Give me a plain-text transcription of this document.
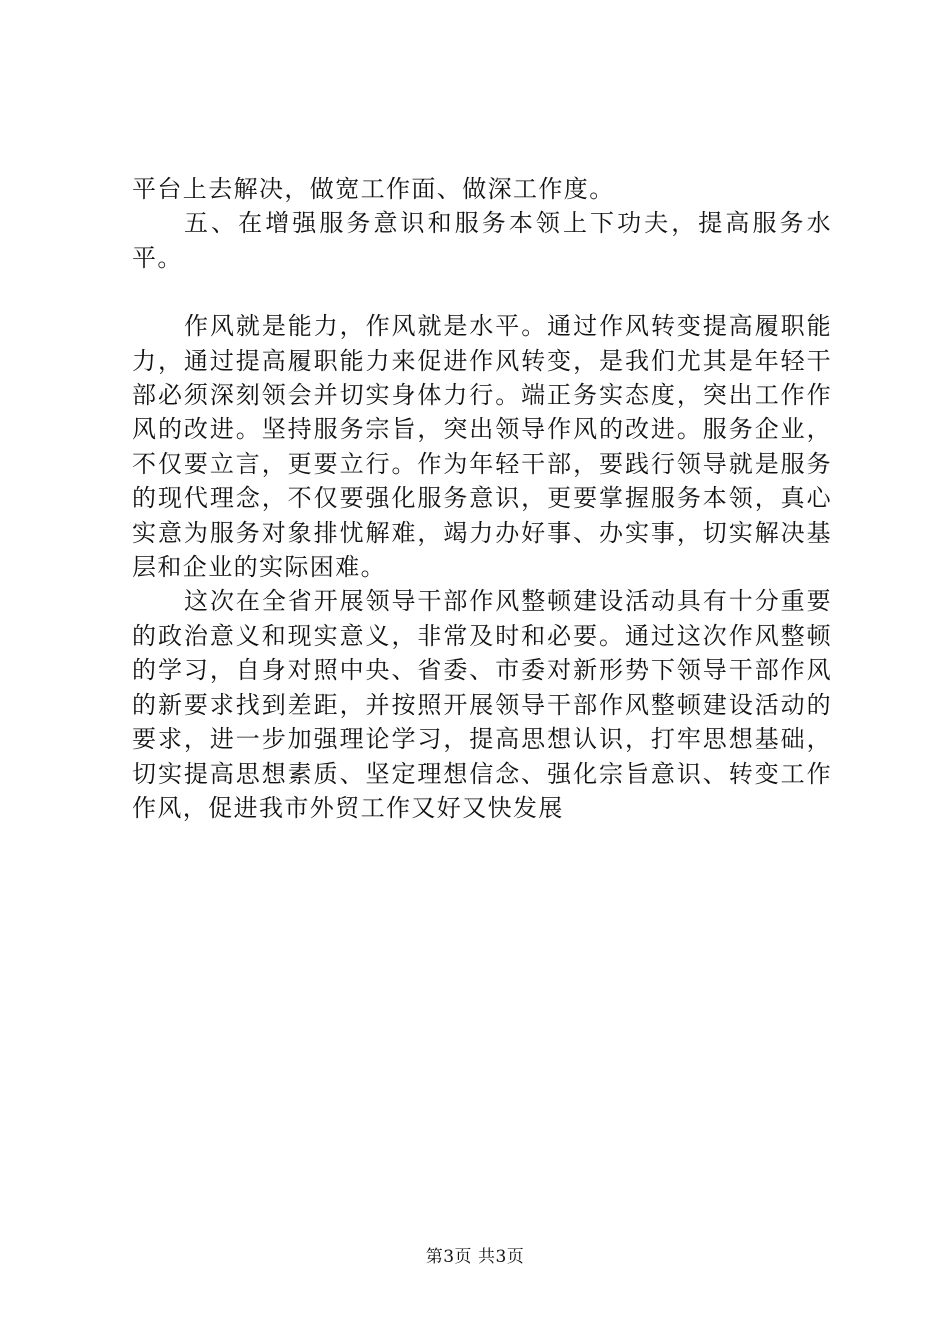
平台上去解决，做宽工作面、做深工作度。

五、在增强服务意识和服务本领上下功夫，提高服务水平。

作风就是能力，作风就是水平。通过作风转变提高履职能力，通过提高履职能力来促进作风转变，是我们尤其是年轻干部必须深刻领会并切实身体力行。端正务实态度，突出工作作风的改进。坚持服务宗旨，突出领导作风的改进。服务企业，不仅要立言，更要立行。作为年轻干部，要践行领导就是服务的现代理念，不仅要强化服务意识，更要掌握服务本领，真心实意为服务对象排忧解难，竭力办好事、办实事，切实解决基层和企业的实际困难。

这次在全省开展领导干部作风整顿建设活动具有十分重要的政治意义和现实意义，非常及时和必要。通过这次作风整顿的学习，自身对照中央、省委、市委对新形势下领导干部作风的新要求找到差距，并按照开展领导干部作风整顿建设活动的要求，进一步加强理论学习，提高思想认识，打牢思想基础，切实提高思想素质、坚定理想信念、强化宗旨意识、转变工作作风，促进我市外贸工作又好又快发展

第3页 共3页
